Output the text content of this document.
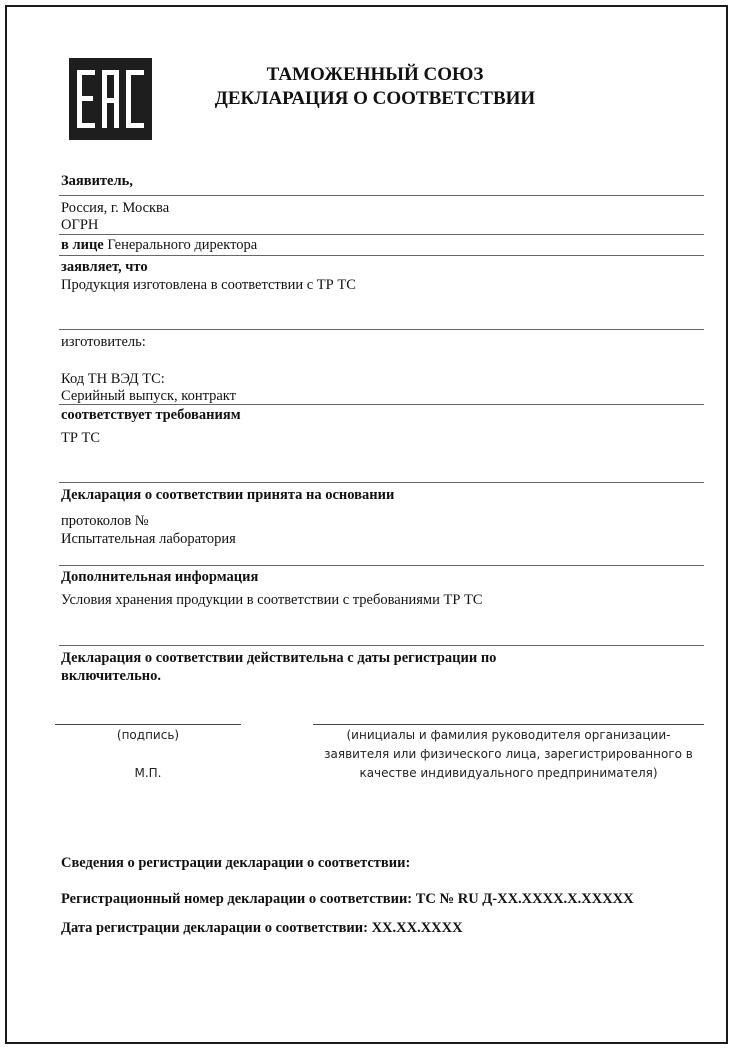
ТАМОЖЕННЫЙ СОЮЗ
ДЕКЛАРАЦИЯ О СООТВЕТСТВИИ
Заявитель,
Россия, г. Москва
ОГРН
в лице Генерального директора
заявляет, что
Продукция изготовлена в соответствии с ТР ТС
изготовитель:
Код ТН ВЭД ТС:
Серийный выпуск, контракт
соответствует требованиям
ТР ТС
Декларация о соответствии принята на основании
протоколов №
Испытательная лаборатория
Дополнительная информация
Условия хранения продукции в соответствии с требованиями ТР ТС
Декларация о соответствии действительна с даты регистрации по
включительно.
(подпись)
М.П.
(инициалы и фамилия руководителя организации-
заявителя или физического лица, зарегистрированного в
качестве индивидуального предпринимателя)
Сведения о регистрации декларации о соответствии:
Регистрационный номер декларации о соответствии: ТС № RU Д-XX.XXXX.X.XXXXX
Дата регистрации декларации о соответствии: XX.XX.XXXX
